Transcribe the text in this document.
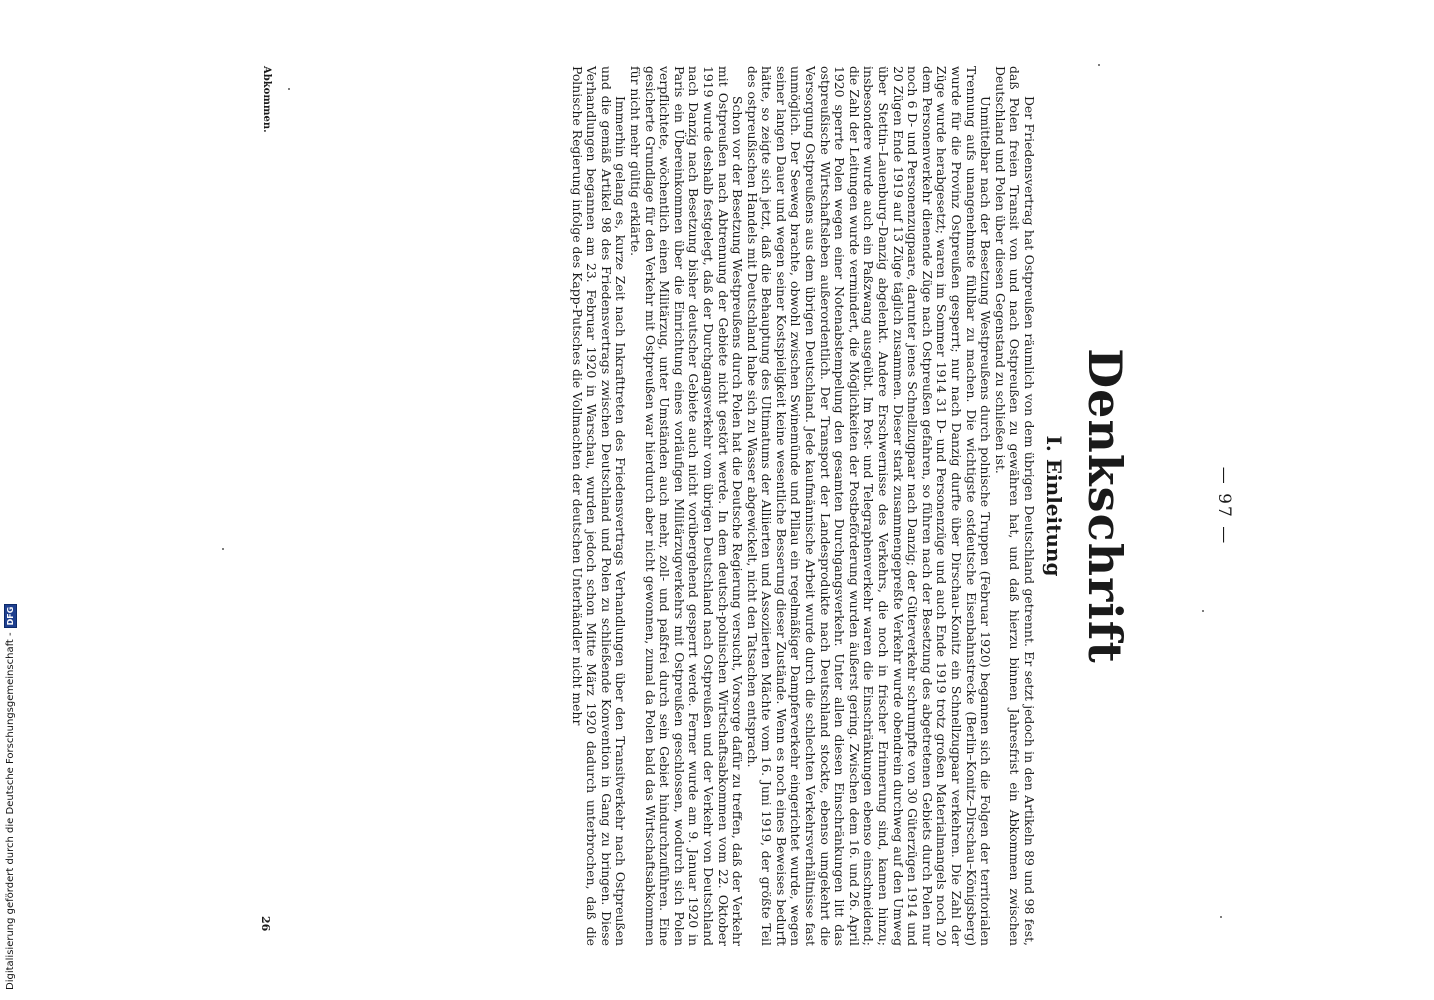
— 97 —
Denkschrift
I. Einleitung

Der Friedensvertrag hat Ostpreußen räumlich von dem übrigen Deutschland getrennt. Er setzt jedoch in den Artikeln 89 und 98 fest, daß Polen freien Transit von und nach Ostpreußen zu gewähren hat, und daß hierzu binnen Jahresfrist ein Abkommen zwischen Deutschland und Polen über diesen Gegenstand zu schließen ist.

Unmittelbar nach der Besetzung Westpreußens durch polnische Truppen (Februar 1920) begannen sich die Folgen der territorialen Trennung aufs unangenehmste fühlbar zu machen. Die wichtigste ostdeutsche Eisenbahnstrecke (Berlin–Konitz–Dirschau–Königsberg) wurde für die Provinz Ostpreußen gesperrt; nur nach Danzig durfte über Dirschau–Konitz ein Schnellzugpaar verkehren. Die Zahl der Züge wurde herabgesetzt; waren im Sommer 1914 31 D- und Personenzüge und auch Ende 1919 trotz großen Materialmangels noch 20 dem Personenverkehr dienende Züge nach Ostpreußen gefahren, so führen nach der Besetzung des abgetretenen Gebiets durch Polen nur noch 6 D- und Personenzugpaare, darunter jenes Schnellzugpaar nach Danzig; der Güterverkehr schrumpfte von 30 Güterzügen 1914 und 20 Zügen Ende 1919 auf 13 Züge täglich zusammen. Dieser stark zusammengepreßte Verkehr wurde obendrein durchweg auf den Umweg über Stettin–Lauenburg–Danzig abgelenkt. Andere Erschwernisse des Verkehrs, die noch in frischer Erinnerung sind, kamen hinzu; insbesondere wurde auch ein Paßzwang ausgeübt. Im Post- und Telegraphenverkehr waren die Einschränkungen ebenso einschneidend; die Zahl der Leitungen wurde vermindert, die Möglichkeiten der Postbeförderung wurden äußerst gering. Zwischen dem 16. und 26. April 1920 sperrte Polen wegen einer Notenabstempelung den gesamten Durchgangsverkehr. Unter allen diesen Einschränkungen litt das ostpreußische Wirtschaftsleben außerordentlich. Der Transport der Landesprodukte nach Deutschland stockte, ebenso umgekehrt die Versorgung Ostpreußens aus dem übrigen Deutschland. Jede kaufmännische Arbeit wurde durch die schlechten Verkehrsverhältnisse fast unmöglich. Der Seeweg brachte, obwohl zwischen Swinemünde und Pillau ein regelmäßiger Dampferverkehr eingerichtet wurde, wegen seiner langen Dauer und wegen seiner Kostspieligkeit keine wesentliche Besserung dieser Zustände. Wenn es noch eines Beweises bedurft hätte, so zeigte sich jetzt, daß die Behauptung des Ultimatums der Alliierten und Assoziierten Mächte vom 16. Juni 1919, der größte Teil des ostpreußischen Handels mit Deutschland habe sich zu Wasser abgewickelt, nicht den Tatsachen entsprach.

Schon vor der Besetzung Westpreußens durch Polen hat die Deutsche Regierung versucht, Vorsorge dafür zu treffen, daß der Verkehr mit Ostpreußen nach Abtrennung der Gebiete nicht gestört werde. In dem deutsch-polnischen Wirtschaftsabkommen vom 22. Oktober 1919 wurde deshalb festgelegt, daß der Durchgangsverkehr vom übrigen Deutschland nach Ostpreußen und der Verkehr von Deutschland nach Danzig nach Besetzung bisher deutscher Gebiete auch nicht vorübergehend gesperrt werde. Ferner wurde am 9. Januar 1920 in Paris ein Übereinkommen über die Einrichtung eines vorläufigen Militärzugverkehrs mit Ostpreußen geschlossen, wodurch sich Polen verpflichtete, wöchentlich einen Militärzug, unter Umständen auch mehr, zoll- und paßfrei durch sein Gebiet hindurchzuführen. Eine gesicherte Grundlage für den Verkehr mit Ostpreußen war hierdurch aber nicht gewonnen, zumal da Polen bald das Wirtschaftsabkommen für nicht mehr gültig erklärte.

Immerhin gelang es, kurze Zeit nach Inkrafttreten des Friedensvertrags Verhandlungen über den Transitverkehr nach Ostpreußen und die gemäß Artikel 98 des Friedensvertrags zwischen Deutschland und Polen zu schließende Konvention in Gang zu bringen. Diese Verhandlungen begannen am 23. Februar 1920 in Warschau, wurden jedoch schon Mitte März 1920 dadurch unterbrochen, daß die Polnische Regierung infolge des Kapp-Putsches die Vollmachten der deutschen Unterhändler nicht mehr

Abkommen.
26
Digitalisierung gefördert durch die Deutsche Forschungsgemeinschaft -
DFG
